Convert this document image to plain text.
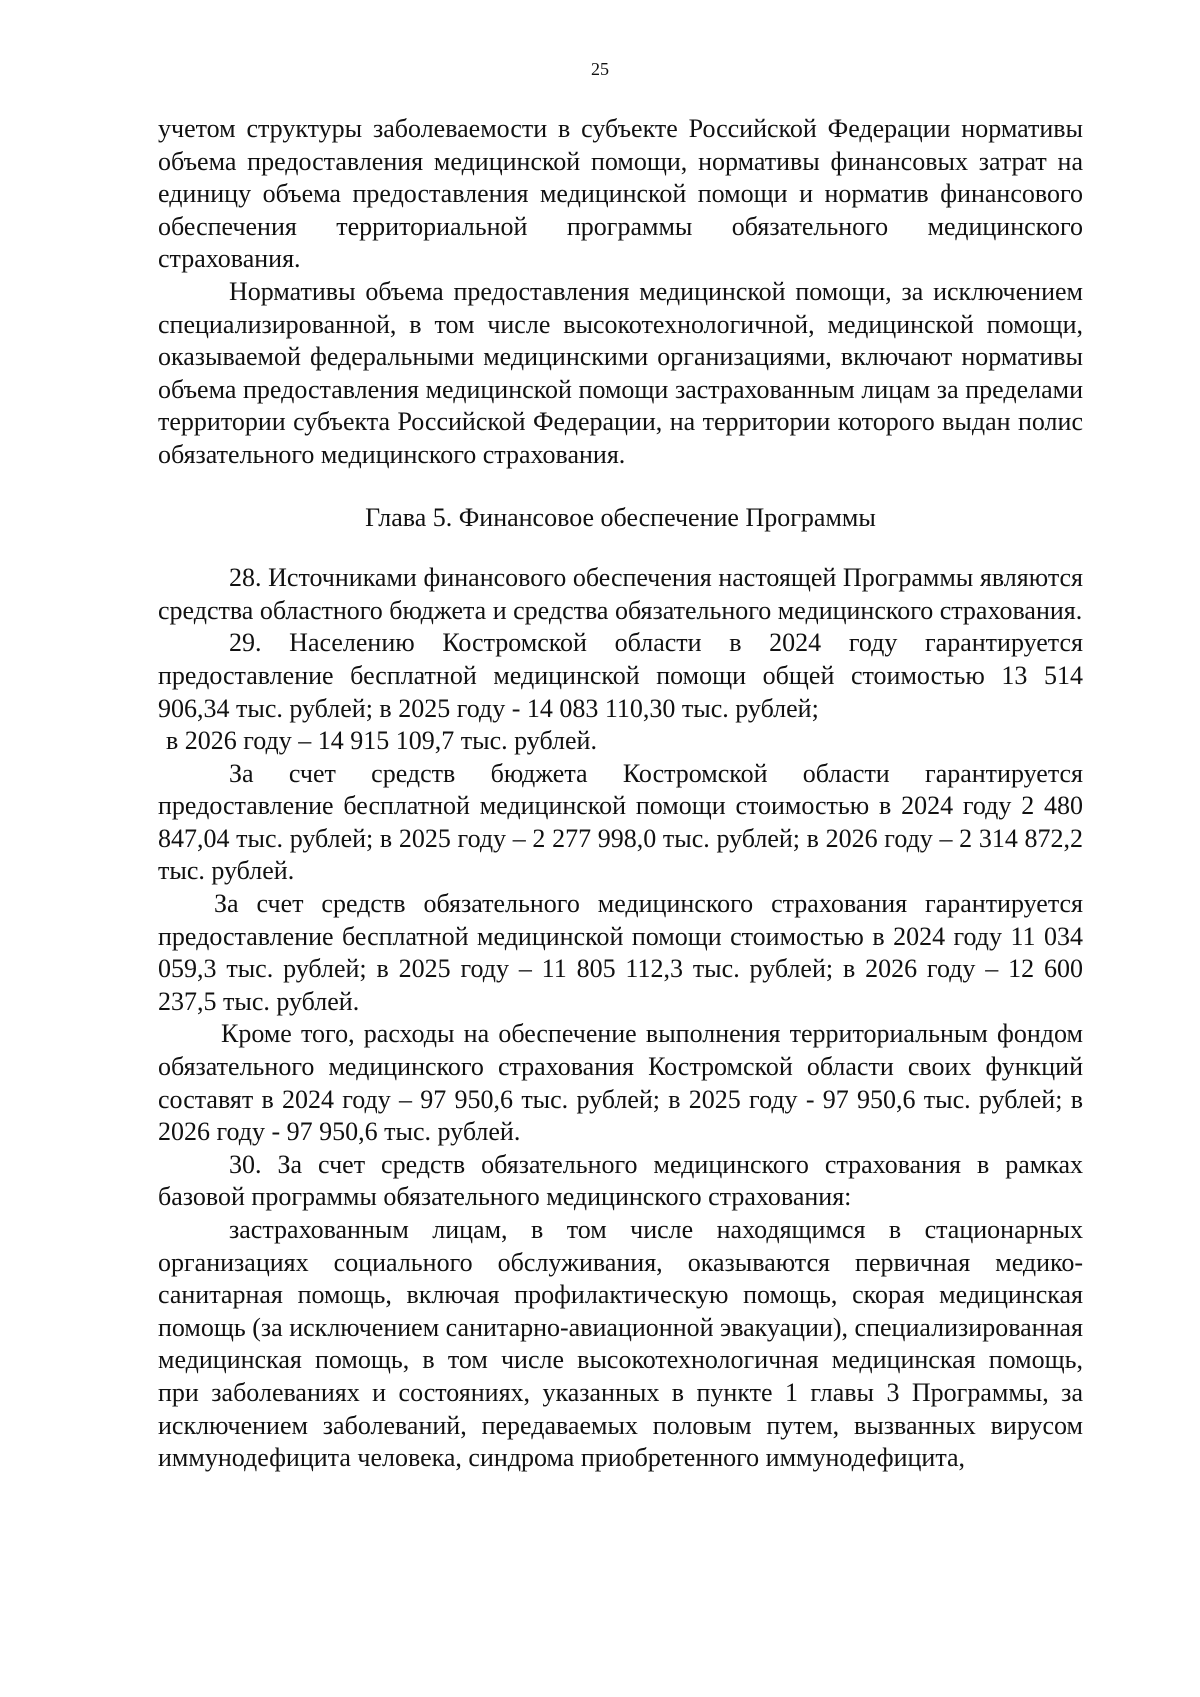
25

учетом структуры заболеваемости в субъекте Российской Федерации нормативы объема предоставления медицинской помощи, нормативы финансовых затрат на единицу объема предоставления медицинской помощи и норматив финансового обеспечения территориальной программы обязательного медицинского страхования.

Нормативы объема предоставления медицинской помощи, за исключением специализированной, в том числе высокотехнологичной, медицинской помощи, оказываемой федеральными медицинскими организациями, включают нормативы объема предоставления медицинской помощи застрахованным лицам за пределами территории субъекта Российской Федерации, на территории которого выдан полис обязательного медицинского страхования.

Глава 5. Финансовое обеспечение Программы

28. Источниками финансового обеспечения настоящей Программы являются средства областного бюджета и средства обязательного медицинского страхования.

29. Населению Костромской области в 2024 году гарантируется предоставление бесплатной медицинской помощи общей стоимостью 13 514 906,34 тыс. рублей; в 2025 году - 14 083 110,30 тыс. рублей;

в 2026 году – 14 915 109,7 тыс. рублей.

За счет средств бюджета Костромской области гарантируется предоставление бесплатной медицинской помощи стоимостью в 2024 году 2 480 847,04 тыс. рублей; в 2025 году – 2 277 998,0 тыс. рублей; в 2026 году – 2 314 872,2 тыс. рублей.

За счет средств обязательного медицинского страхования гарантируется предоставление бесплатной медицинской помощи стоимостью в 2024 году 11 034 059,3 тыс. рублей; в 2025 году – 11 805 112,3 тыс. рублей; в 2026 году – 12 600 237,5 тыс. рублей.

Кроме того, расходы на обеспечение выполнения территориальным фондом обязательного медицинского страхования Костромской области своих функций составят в 2024 году – 97 950,6 тыс. рублей; в 2025 году - 97 950,6 тыс. рублей; в 2026 году - 97 950,6 тыс. рублей.

30. За счет средств обязательного медицинского страхования в рамках базовой программы обязательного медицинского страхования:

застрахованным лицам, в том числе находящимся в стационарных организациях социального обслуживания, оказываются первичная медико-санитарная помощь, включая профилактическую помощь, скорая медицинская помощь (за исключением санитарно-авиационной эвакуации), специализированная медицинская помощь, в том числе высокотехнологичная медицинская помощь, при заболеваниях и состояниях, указанных в пункте 1 главы 3 Программы, за исключением заболеваний, передаваемых половым путем, вызванных вирусом иммунодефицита человека, синдрома приобретенного иммунодефицита,
